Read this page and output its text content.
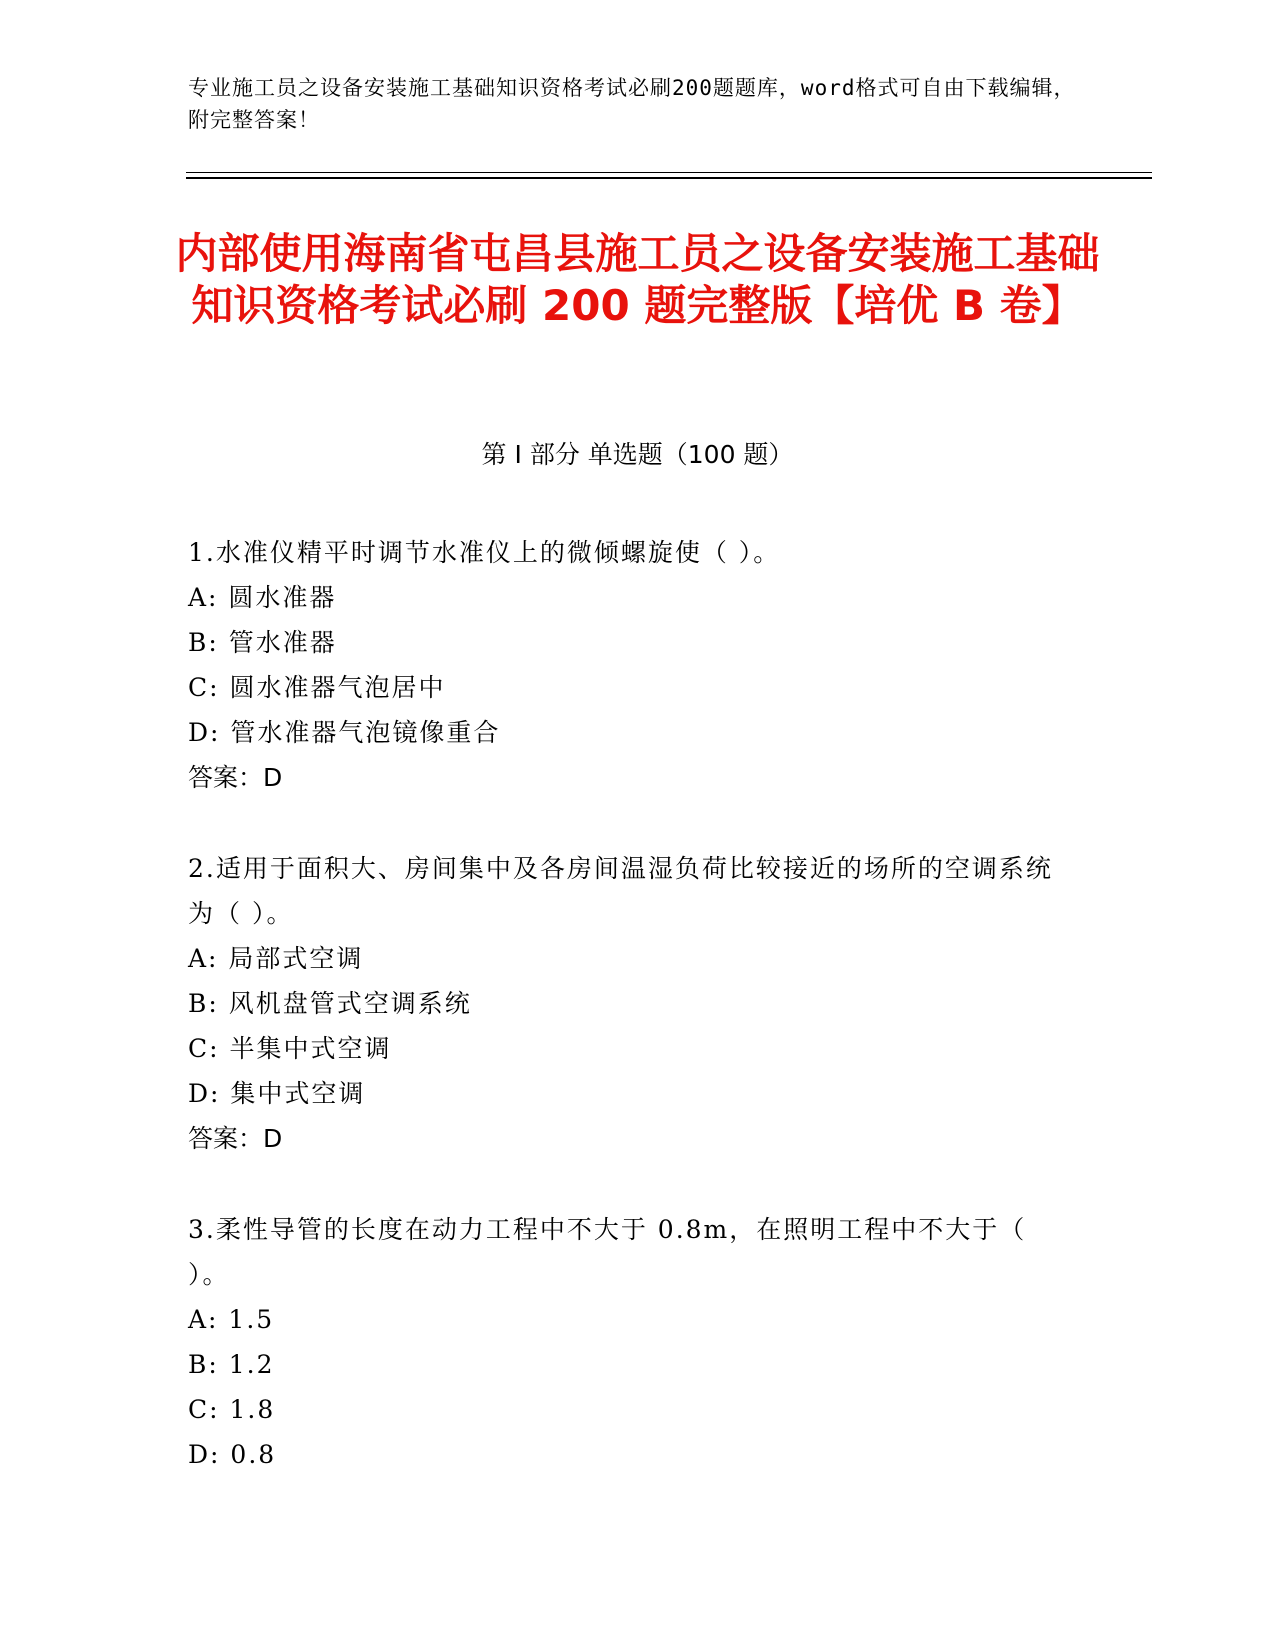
专业施工员之设备安装施工基础知识资格考试必刷200题题库，word格式可自由下载编辑，附完整答案！
内部使用海南省屯昌县施工员之设备安装施工基础知识资格考试必刷 200 题完整版【培优 B 卷】
第 I 部分 单选题（100 题）
1.水准仪精平时调节水准仪上的微倾螺旋使（ ）。
A: 圆水准器
B: 管水准器
C: 圆水准器气泡居中
D: 管水准器气泡镜像重合
答案：D
2.适用于面积大、房间集中及各房间温湿负荷比较接近的场所的空调系统为（ ）。
A: 局部式空调
B: 风机盘管式空调系统
C: 半集中式空调
D: 集中式空调
答案：D
3.柔性导管的长度在动力工程中不大于 0.8m，在照明工程中不大于（ ）。
A: 1.5
B: 1.2
C: 1.8
D: 0.8
